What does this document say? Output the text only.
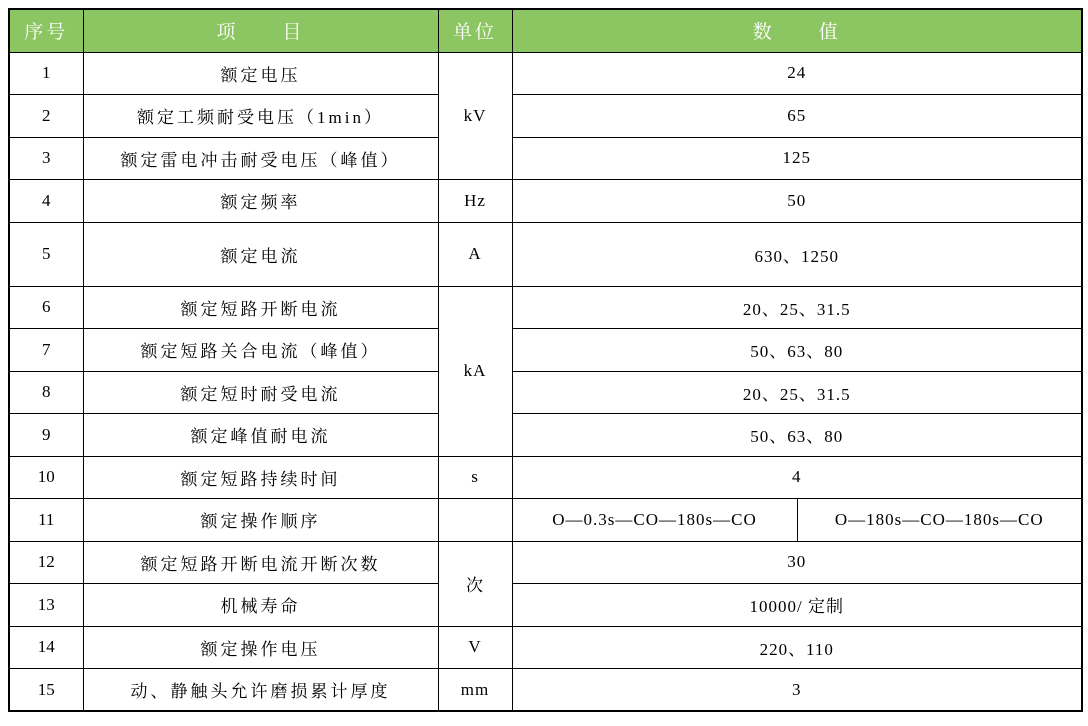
序号	项　　目	单位	数　　值	
1	额定电压	kV	24	
2	额定工频耐受电压（1min）		65	
3	额定雷电冲击耐受电压（峰值）		125	
4	额定频率	Hz	50	
5	额定电流	A	630、1250	
6	额定短路开断电流	kA	20、25、31.5	
7	额定短路关合电流（峰值）		50、63、80	
8	额定短时耐受电流		20、25、31.5	
9	额定峰值耐电流		50、63、80	
10	额定短路持续时间	s	4	
11	额定操作顺序		O—0.3s—CO—180s—CO	O—180s—CO—180s—CO
12	额定短路开断电流开断次数	次	30	
13	机械寿命		10000/ 定制	
14	额定操作电压	V	220、110	
15	动、静触头允许磨损累计厚度	mm	3	
